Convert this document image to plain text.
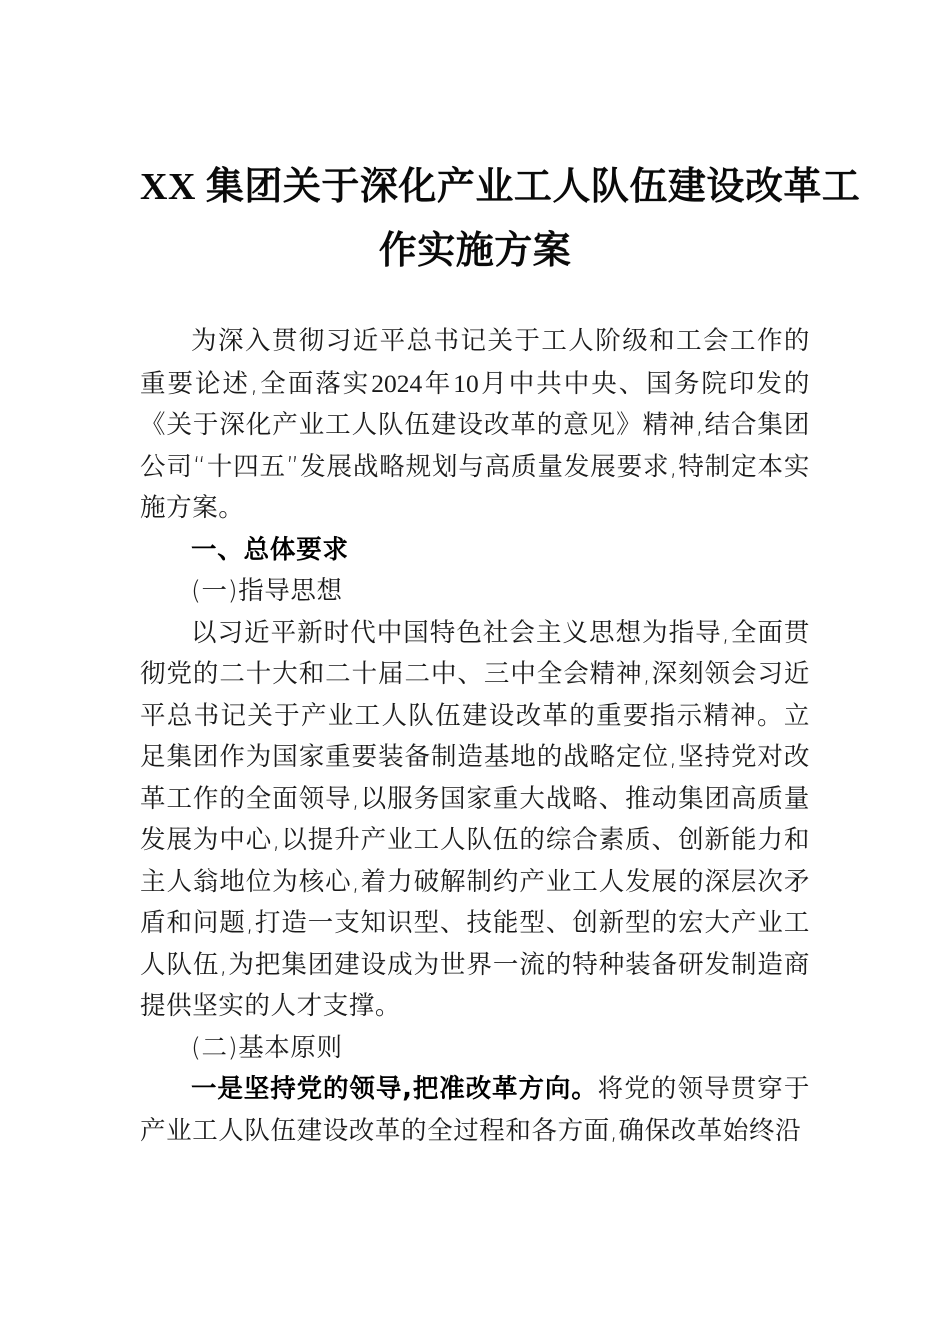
XX 集团关于深化产业工人队伍建设改革工
作实施方案

为深入贯彻习近平总书记关于工人阶级和工会工作的重要论述,全面落实2024年10月中共中央、国务院印发的《关于深化产业工人队伍建设改革的意见》精神,结合集团公司“十四五”发展战略规划与高质量发展要求,特制定本实施方案。

一、总体要求

(一)指导思想

以习近平新时代中国特色社会主义思想为指导,全面贯彻党的二十大和二十届二中、三中全会精神,深刻领会习近平总书记关于产业工人队伍建设改革的重要指示精神。立足集团作为国家重要装备制造基地的战略定位,坚持党对改革工作的全面领导,以服务国家重大战略、推动集团高质量发展为中心,以提升产业工人队伍的综合素质、创新能力和主人翁地位为核心,着力破解制约产业工人发展的深层次矛盾和问题,打造一支知识型、技能型、创新型的宏大产业工人队伍,为把集团建设成为世界一流的特种装备研发制造商提供坚实的人才支撑。

(二)基本原则

一是坚持党的领导,把准改革方向。将党的领导贯穿于产业工人队伍建设改革的全过程和各方面,确保改革始终沿
